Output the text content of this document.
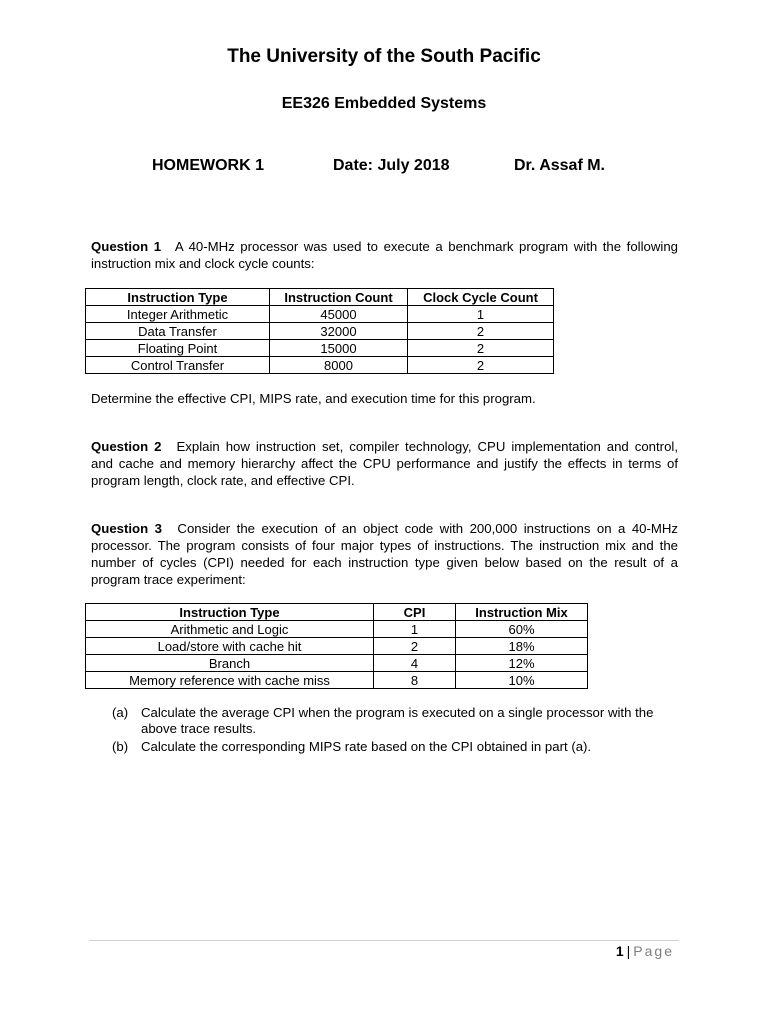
The University of the South Pacific
EE326 Embedded Systems
HOMEWORK 1	Date: July 2018	Dr. Assaf M.
Question 1 A 40-MHz processor was used to execute a benchmark program with the following instruction mix and clock cycle counts:
Instruction Type	Instruction Count	Clock Cycle Count
Integer Arithmetic	45000	1
Data Transfer	32000	2
Floating Point	15000	2
Control Transfer	8000	2
Determine the effective CPI, MIPS rate, and execution time for this program.
Question 2 Explain how instruction set, compiler technology, CPU implementation and control, and cache and memory hierarchy affect the CPU performance and justify the effects in terms of program length, clock rate, and effective CPI.
Question 3 Consider the execution of an object code with 200,000 instructions on a 40-MHz processor. The program consists of four major types of instructions. The instruction mix and the number of cycles (CPI) needed for each instruction type given below based on the result of a program trace experiment:
Instruction Type	CPI	Instruction Mix
Arithmetic and Logic	1	60%
Load/store with cache hit	2	18%
Branch	4	12%
Memory reference with cache miss	8	10%
(a) Calculate the average CPI when the program is executed on a single processor with the above trace results.
(b) Calculate the corresponding MIPS rate based on the CPI obtained in part (a).
1 | Page
